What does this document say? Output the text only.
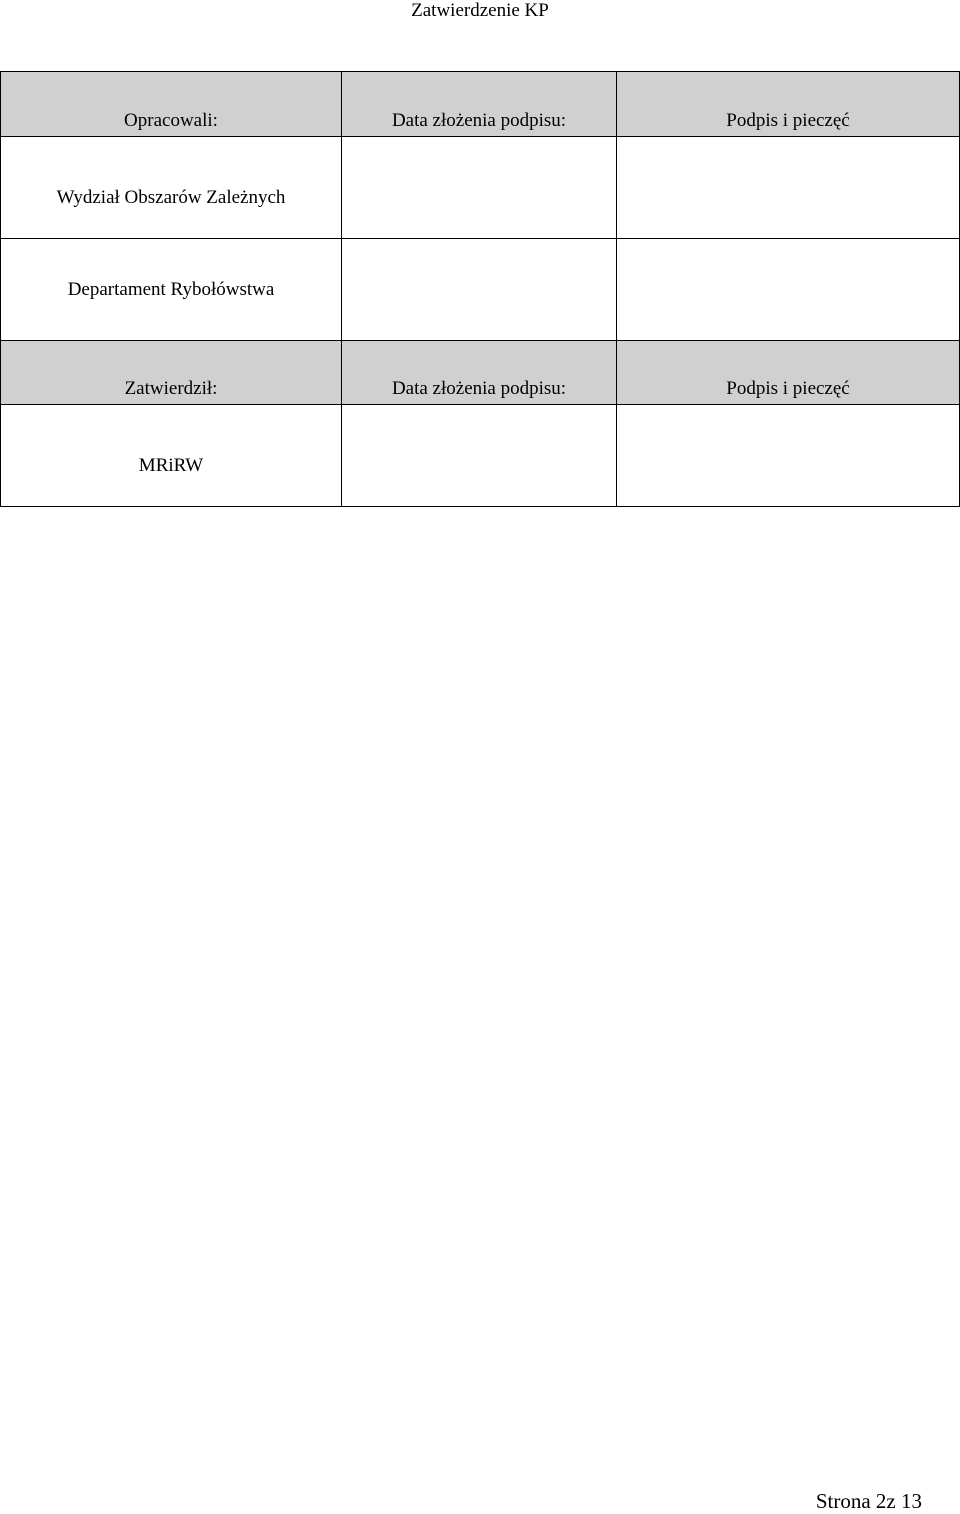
Zatwierdzenie KP
Opracowali:	Data złożenia podpisu:	Podpis i pieczęć
Wydział Obszarów Zależnych		
Departament Rybołówstwa		
Zatwierdził:	Data złożenia podpisu:	Podpis i pieczęć
MRiRW		
Strona 2z 13
